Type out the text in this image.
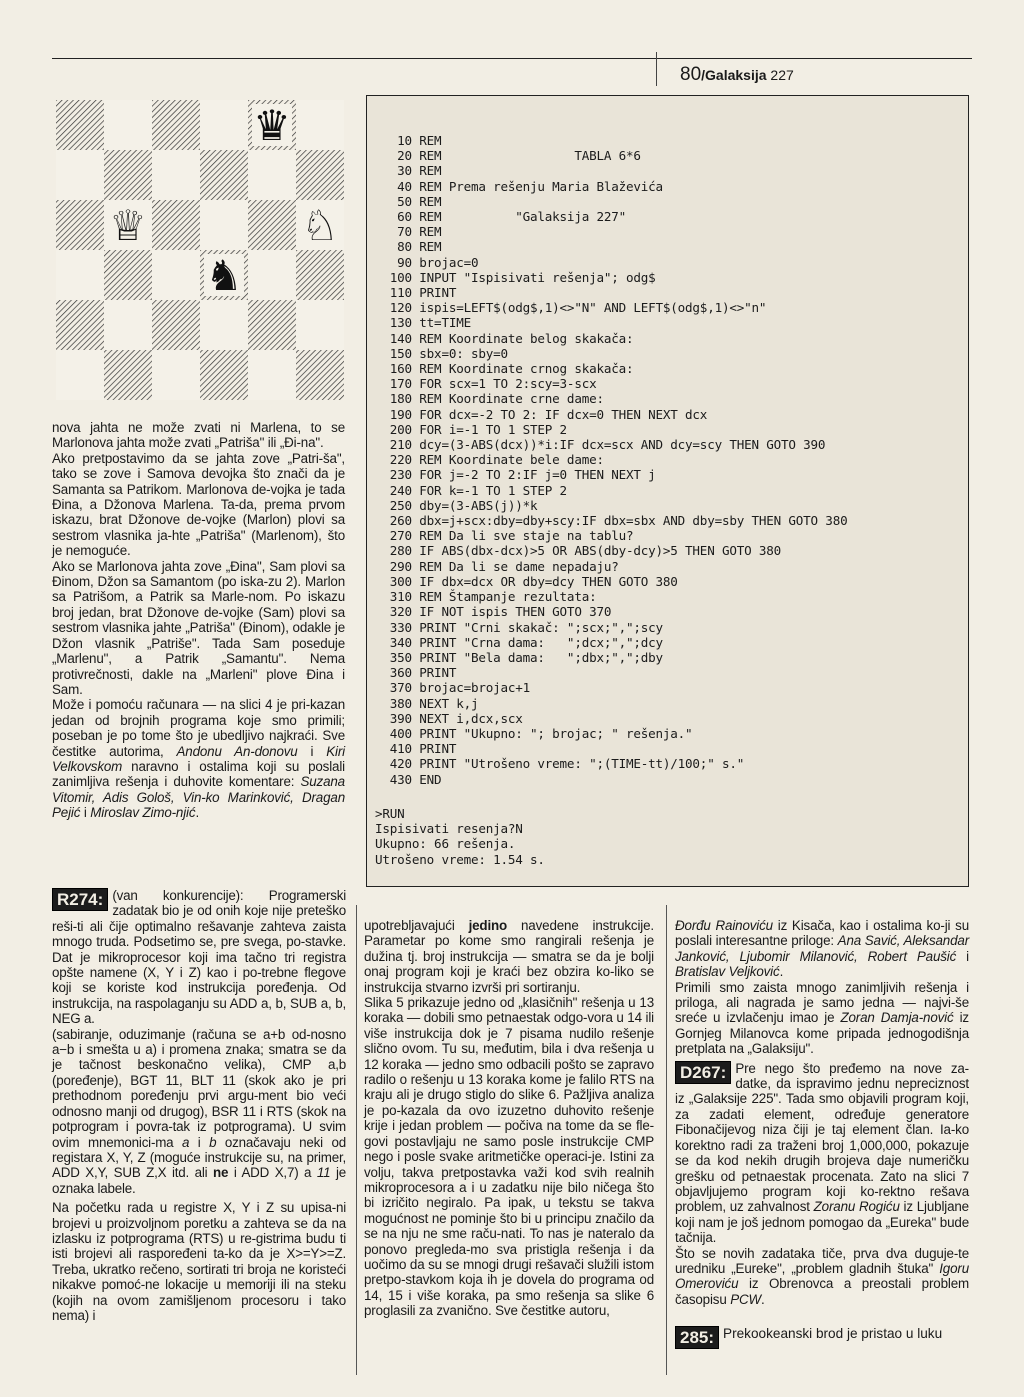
80/Galaksija 227
♛
♕	♘
♞
10 REM
20 REM                  TABLA 6*6
30 REM
40 REM Prema rešenju Maria Blaževića
50 REM
60 REM          "Galaksija 227"
70 REM
80 REM
90 brojac=0
100 INPUT "Ispisivati rešenja"; odg$
110 PRINT
120 ispis=LEFT$(odg$,1)<>"N" AND LEFT$(odg$,1)<>"n"
130 tt=TIME
140 REM Koordinate belog skakača:
150 sbx=0: sby=0
160 REM Koordinate crnog skakača:
170 FOR scx=1 TO 2:scy=3-scx
180 REM Koordinate crne dame:
190 FOR dcx=-2 TO 2: IF dcx=0 THEN NEXT dcx
200 FOR i=-1 TO 1 STEP 2
210 dcy=(3-ABS(dcx))*i:IF dcx=scx AND dcy=scy THEN GOTO 390
220 REM Koordinate bele dame:
230 FOR j=-2 TO 2:IF j=0 THEN NEXT j
240 FOR k=-1 TO 1 STEP 2
250 dby=(3-ABS(j))*k
260 dbx=j+scx:dby=dby+scy:IF dbx=sbx AND dby=sby THEN GOTO 380
270 REM Da li sve staje na tablu?
280 IF ABS(dbx-dcx)>5 OR ABS(dby-dcy)>5 THEN GOTO 380
290 REM Da li se dame nepadaju?
300 IF dbx=dcx OR dby=dcy THEN GOTO 380
310 REM Štampanje rezultata:
320 IF NOT ispis THEN GOTO 370
330 PRINT "Crni skakač: ";scx;",";scy
340 PRINT "Crna dama:   ";dcx;",";dcy
350 PRINT "Bela dama:   ";dbx;",";dby
360 PRINT
370 brojac=brojac+1
380 NEXT k,j
390 NEXT i,dcx,scx
400 PRINT "Ukupno: "; brojac; " rešenja."
410 PRINT
420 PRINT "Utrošeno vreme: ";(TIME-tt)/100;" s."
430 END
>RUN
Ispisivati resenja?N
Ukupno: 66 rešenja.
Utrošeno vreme: 1.54 s.

nova jahta ne može zvati ni Marlena, to se Marlonova jahta može zvati „Patriša" ili „Đi-na".

Ako pretpostavimo da se jahta zove „Patri-ša", tako se zove i Samova devojka što znači da je Samanta sa Patrikom. Marlonova de-vojka je tada Đina, a Džonova Marlena. Ta-da, prema prvom iskazu, brat Džonove de-vojke (Marlon) plovi sa sestrom vlasnika ja-hte „Patriša" (Marlenom), što je nemoguće.

Ako se Marlonova jahta zove „Đina", Sam plovi sa Đinom, Džon sa Samantom (po iska-zu 2). Marlon sa Patrišom, a Patrik sa Marle-nom. Po iskazu broj jedan, brat Džonove de-vojke (Sam) plovi sa sestrom vlasnika jahte „Patriša" (Đinom), odakle je Džon vlasnik „Patriše". Tada Sam poseduje „Marlenu", a Patrik „Samantu". Nema protivrečnosti, dakle na „Marleni" plove Đina i Sam.

Može i pomoću računara — na slici 4 je pri-kazan jedan od brojnih programa koje smo primili; poseban je po tome što je ubedljivo najkraći. Sve čestitke autorima, Andonu An-donovu i Kiri Velkovskom naravno i ostalima koji su poslali zanimljiva rešenja i duhovite komentare: Suzana Vitomir, Adis Gološ, Vin-ko Marinković, Dragan Pejić i Miroslav Zimo-njić.

R274: (van konkurencije): Programerski zadatak bio je od onih koje nije preteško reši-ti ali čije optimalno rešavanje zahteva zaista mnogo truda. Podsetimo se, pre svega, po-stavke. Dat je mikroprocesor koji ima tačno tri registra opšte namene (X, Y i Z) kao i po-trebne flegove koji se koriste kod instrukcija poređenja. Od instrukcija, na raspolaganju su ADD a, b, SUB a, b, NEG a.

(sabiranje, oduzimanje (računa se a+b od-nosno a−b i smešta u a) i promena znaka; smatra se da je tačnost beskonačno velika), CMP a,b (poređenje), BGT 11, BLT 11 (skok ako je pri prethodnom poređenju prvi argu-ment bio veći odnosno manji od drugog), BSR 11 i RTS (skok na potprogram i povra-tak iz potprograma). U svim ovim mnemonici-ma a i b označavaju neki od registara X, Y, Z (mogućе instrukcije su, na primer, ADD X,Y, SUB Z,X itd. ali ne i ADD X,7) a 11 je oznaka labele.

Na početku rada u registre X, Y i Z su upisa-ni brojevi u proizvoljnom poretku a zahteva se da na izlasku iz potprograma (RTS) u re-gistrima budu ti isti brojevi ali raspoređeni ta-ko da je X>=Y>=Z. Treba, ukratko rečeno, sortirati tri broja ne koristeći nikakve pomoć-ne lokacije u memoriji ili na steku (kojih na ovom zamišljenom procesoru i tako nema) i

upotrebljavajući jedino navedene instrukcije. Parametar po kome smo rangirali rešenja je dužina tj. broj instrukcija — smatra se da je bolji onaj program koji je kraći bez obzira ko-liko se instrukcija stvarno izvrši pri sortiranju.

Slika 5 prikazuje jedno od „klasičnih" rešenja u 13 koraka — dobili smo petnaestak odgo-vora u 14 ili više instrukcija dok je 7 pisama nudilo rešenje slično ovom. Tu su, međutim, bila i dva rešenja u 12 koraka — jedno smo odbacili pošto se zapravo radilo o rešenju u 13 koraka kome je falilo RTS na kraju ali je drugo stiglo do slike 6. Pažljiva analiza je po-kazala da ovo izuzetno duhovito rešenje krije i jedan problem — počiva na tome da se fle-govi postavljaju ne samo posle instrukcije CMP nego i posle svake aritmetičke operaci-je. Istini za volju, takva pretpostavka važi kod svih realnih mikroprocesora a i u zadatku nije bilo ničega što bi izričito negiralo. Pa ipak, u tekstu se takva mogućnost ne pominje što bi u principu značilo da se na nju ne sme raču-nati. To nas je nateralo da ponovo pregleda-mo sva pristigla rešenja i da uočimo da su se mnogi drugi rešavači služili istom pretpo-stavkom koja ih je dovela do programa od 14, 15 i više koraka, pa smo rešenja sa slike 6 proglasili za zvanično. Sve čestitke autoru,

Đorđu Rainoviću iz Kisača, kao i ostalima ko-ji su poslali interesantne priloge: Ana Savić, Aleksandar Janković, Ljubomir Milanović, Robert Paušić i Bratislav Veljković.

Primili smo zaista mnogo zanimljivih rešenja i priloga, ali nagrada je samo jedna — najvi-še sreće u izvlačenju imao je Zoran Damja-nović iz Gornjeg Milanovca kome pripada jednogodišnja pretplata na „Galaksiju".

D267: Pre nego što pređemo na nove za-datke, da ispravimo jednu nepreciznost iz „Galaksije 225". Tada smo objavili program koji, za zadati element, određuje generatore Fibonačijevog niza čiji je taj element član. Ia-ko korektno radi za traženi broj 1,000,000, pokazuje se da kod nekih drugih brojeva daje numeričku grešku od petnaestak procenata. Zato na slici 7 objavljujemo program koji ko-rektno rešava problem, uz zahvalnost Zoranu Rogiću iz Ljubljane koji nam je još jednom pomogao da „Eureka" bude tačnija.

Što se novih zadataka tiče, prva dva duguje-te uredniku „Eureke", „problem gladnih štuka" Igoru Omeroviću iz Obrenovca a preostali problem časopisu PCW.

285: Prekookeanski brod je pristao u luku
